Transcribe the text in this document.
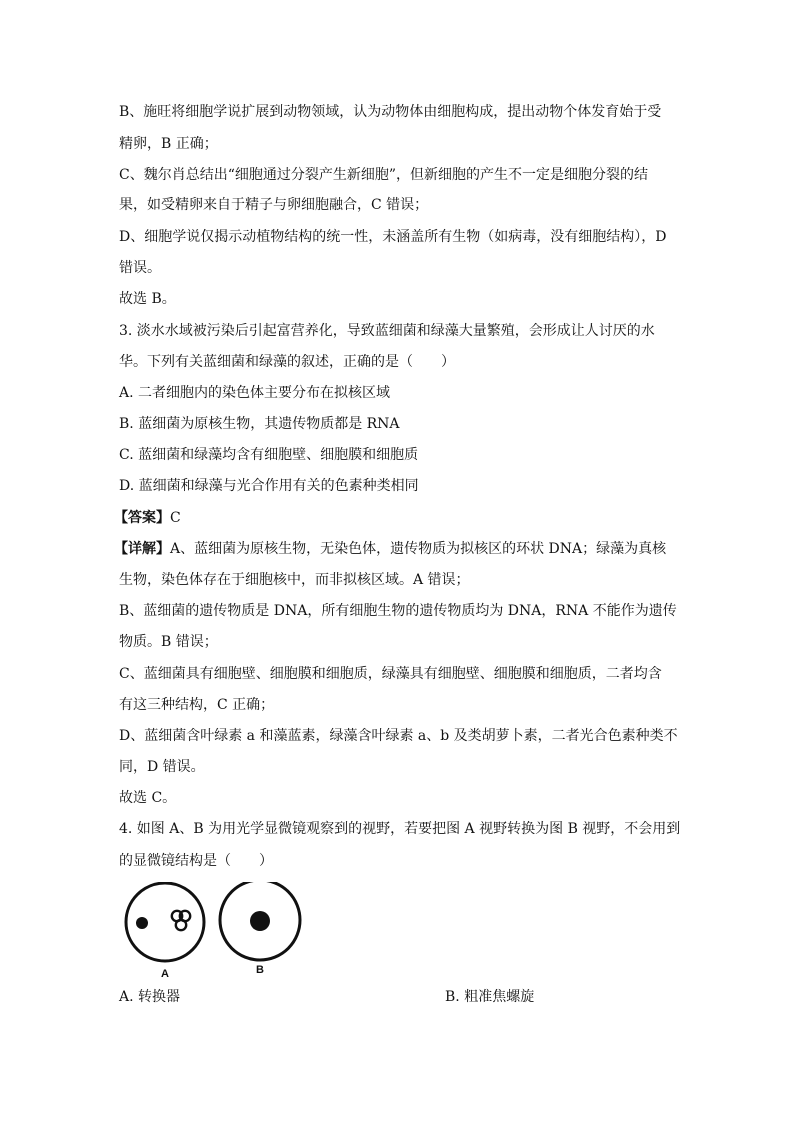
B、施旺将细胞学说扩展到动物领域，认为动物体由细胞构成，提出动物个体发育始于受
精卵，B 正确；
C、魏尔肖总结出“细胞通过分裂产生新细胞”，但新细胞的产生不一定是细胞分裂的结
果，如受精卵来自于精子与卵细胞融合，C 错误；
D、细胞学说仅揭示动植物结构的统一性，未涵盖所有生物（如病毒，没有细胞结构），D
错误。
故选 B。
3. 淡水水域被污染后引起富营养化，导致蓝细菌和绿藻大量繁殖，会形成让人讨厌的水
华。下列有关蓝细菌和绿藻的叙述，正确的是（　　）
A. 二者细胞内的染色体主要分布在拟核区域
B. 蓝细菌为原核生物，其遗传物质都是 RNA
C. 蓝细菌和绿藻均含有细胞壁、细胞膜和细胞质
D. 蓝细菌和绿藻与光合作用有关的色素种类相同
【答案】C
【详解】A、蓝细菌为原核生物，无染色体，遗传物质为拟核区的环状 DNA；绿藻为真核
生物，染色体存在于细胞核中，而非拟核区域。A 错误；
B、蓝细菌的遗传物质是 DNA，所有细胞生物的遗传物质均为 DNA，RNA 不能作为遗传
物质。B 错误；
C、蓝细菌具有细胞壁、细胞膜和细胞质，绿藻具有细胞壁、细胞膜和细胞质，二者均含
有这三种结构，C 正确；
D、蓝细菌含叶绿素 a 和藻蓝素，绿藻含叶绿素 a、b 及类胡萝卜素，二者光合色素种类不
同，D 错误。
故选 C。
4. 如图 A、B 为用光学显微镜观察到的视野，若要把图 A 视野转换为图 B 视野，不会用到
的显微镜结构是（　　）
A	B
A. 转换器	B. 粗准焦螺旋
